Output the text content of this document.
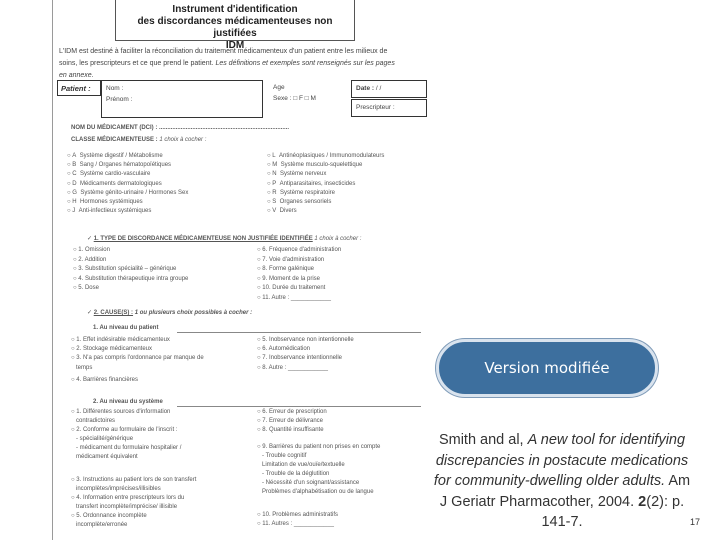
Instrument d'identification
des discordances médicamenteuses non justifiées
IDM
L'IDM est destiné à faciliter la réconciliation du traitement médicamenteux d'un patient entre les milieux de
soins, les prescripteurs et ce que prend le patient. Les définitions et exemples sont renseignés sur les pages
en annexe.
Patient :	Nom :
Prénom :
Age
Sexe : □ F □ M
Date : / /
Prescripteur :
NOM DU MÉDICAMENT (DCI) : ..............................................................................
CLASSE MÉDICAMENTEUSE : 1 choix à cocher :
○ A Système digestif / Métabolisme
○ B Sang / Organes hématopoïétiques
○ C Système cardio-vasculaire
○ D Médicaments dermatologiques
○ G Système génito-urinaire / Hormones Sex
○ H Hormones systémiques
○ J Anti-infectieux systémiques
○ L Antinéoplasiques / Immunomodulateurs
○ M Système musculo-squelettique
○ N Système nerveux
○ P Antiparasitaires, insecticides
○ R Système respiratoire
○ S Organes sensoriels
○ V Divers
✓ 1. TYPE DE DISCORDANCE MÉDICAMENTEUSE NON JUSTIFIÉE IDENTIFIÉE 1 choix à cocher :
○ 1. Omission
○ 2. Addition
○ 3. Substitution spécialité – générique
○ 4. Substitution thérapeutique intra groupe
○ 5. Dose
○ 6. Fréquence d'administration
○ 7. Voie d'administration
○ 8. Forme galénique
○ 9. Moment de la prise
○ 10. Durée du traitement
○ 11. Autre : ____________
✓ 2. CAUSE(S) : 1 ou plusieurs choix possibles à cocher :
1. Au niveau du patient
○ 1. Effet indésirable médicamenteux
○ 2. Stockage médicamenteux
○ 3. N'a pas compris l'ordonnance par manque de
temps
○ 4. Barrières financières
○ 5. Inobservance non intentionnelle
○ 6. Automédication
○ 7. Inobservance intentionnelle
○ 8. Autre : ____________
2. Au niveau du système
○ 1. Différentes sources d'information
contradictoires
○ 2. Conforme au formulaire de l'inscrit :
- spécialité/générique
- médicament du formulaire hospitalier /
médicament équivalent
○ 3. Instructions au patient lors de son transfert
incomplètes/imprécises/illisibles
○ 4. Information entre prescripteurs lors du
transfert incomplète/imprécise/ illisible
○ 5. Ordonnance incomplète
incomplète/erronée
○ 6. Erreur de prescription
○ 7. Erreur de délivrance
○ 8. Quantité insuffisante
○ 9. Barrières du patient non prises en compte
- Trouble cognitif
Limitation de vue/ouïe/textuelle
- Trouble de la déglutition
- Nécessité d'un soignant/assistance
Problèmes d'alphabétisation ou de langue
○ 10. Problèmes administratifs
○ 11. Autres : ____________
Version modifiée
Smith and al, A new tool for identifying
discrepancies in postacute medications
for community-dwelling older adults. Am
J Geriatr Pharmacother, 2004. 2(2): p.
141-7.	17
